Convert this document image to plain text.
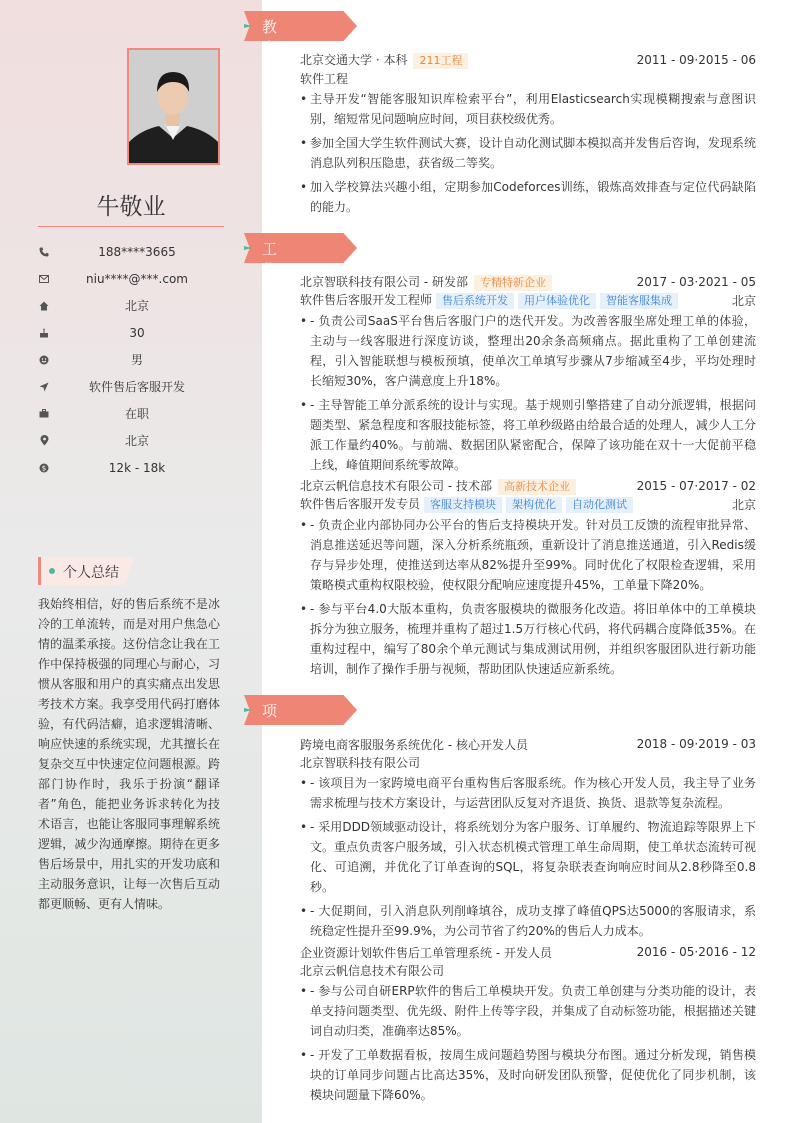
牛敬业
188****3665
niu****@***.com
北京
30
男
软件售后客服开发
在职
北京
$	12k - 18k
个人总结
我始终相信，好的售后系统不是冰冷的工单流转，而是对用户焦急心情的温柔承接。这份信念让我在工作中保持极强的同理心与耐心，习惯从客服和用户的真实痛点出发思考技术方案。我享受用代码打磨体验，有代码洁癖，追求逻辑清晰、响应快速的系统实现，尤其擅长在复杂交互中快速定位问题根源。跨部门协作时，我乐于扮演“翻译者”角色，能把业务诉求转化为技术语言，也能让客服同事理解系统逻辑，减少沟通摩擦。期待在更多售后场景中，用扎实的开发功底和主动服务意识，让每一次售后互动都更顺畅、更有人情味。
教育经历
北京交通大学 · 本科 211工程	2011 - 09·2015 - 06
软件工程
• 主导开发“智能客服知识库检索平台”，利用Elasticsearch实现模糊搜索与意图识别，缩短常见问题响应时间，项目获校级优秀。
• 参加全国大学生软件测试大赛，设计自动化测试脚本模拟高并发售后咨询，发现系统消息队列积压隐患，获省级二等奖。
• 加入学校算法兴趣小组，定期参加Codeforces训练，锻炼高效排查与定位代码缺陷的能力。
工作经历
北京智联科技有限公司 - 研发部 专精特新企业	2017 - 03·2021 - 05
软件售后客服开发工程师 售后系统开发 用户体验优化 智能客服集成	北京
• - 负责公司SaaS平台售后客服门户的迭代开发。为改善客服坐席处理工单的体验，主动与一线客服进行深度访谈，整理出20余条高频痛点。据此重构了工单创建流程，引入智能联想与模板预填，使单次工单填写步骤从7步缩减至4步，平均处理时长缩短30%，客户满意度上升18%。
• - 主导智能工单分派系统的设计与实现。基于规则引擎搭建了自动分派逻辑，根据问题类型、紧急程度和客服技能标签，将工单秒级路由给最合适的处理人，减少人工分派工作量约40%。与前端、数据团队紧密配合，保障了该功能在双十一大促前平稳上线，峰值期间系统零故障。
北京云帆信息技术有限公司 - 技术部 高新技术企业	2015 - 07·2017 - 02
软件售后客服开发专员 客服支持模块 架构优化 自动化测试	北京
• - 负责企业内部协同办公平台的售后支持模块开发。针对员工反馈的流程审批异常、消息推送延迟等问题，深入分析系统瓶颈，重新设计了消息推送通道，引入Redis缓存与异步处理，使推送到达率从82%提升至99%。同时优化了权限检查逻辑，采用策略模式重构权限校验，使权限分配响应速度提升45%，工单量下降20%。
• - 参与平台4.0大版本重构，负责客服模块的微服务化改造。将旧单体中的工单模块拆分为独立服务，梳理并重构了超过1.5万行核心代码，将代码耦合度降低35%。在重构过程中，编写了80余个单元测试与集成测试用例，并组织客服团队进行新功能培训，制作了操作手册与视频，帮助团队快速适应新系统。
项目经历
跨境电商客服服务系统优化 - 核心开发人员	2018 - 09·2019 - 03
北京智联科技有限公司
• - 该项目为一家跨境电商平台重构售后客服系统。作为核心开发人员，我主导了业务需求梳理与技术方案设计，与运营团队反复对齐退货、换货、退款等复杂流程。
• - 采用DDD领域驱动设计，将系统划分为客户服务、订单履约、物流追踪等限界上下文。重点负责客户服务域，引入状态机模式管理工单生命周期，使工单状态流转可视化、可追溯，并优化了订单查询的SQL，将复杂联表查询响应时间从2.8秒降至0.8秒。
• - 大促期间，引入消息队列削峰填谷，成功支撑了峰值QPS达5000的客服请求，系统稳定性提升至99.9%，为公司节省了约20%的售后人力成本。
企业资源计划软件售后工单管理系统 - 开发人员	2016 - 05·2016 - 12
北京云帆信息技术有限公司
• - 参与公司自研ERP软件的售后工单模块开发。负责工单创建与分类功能的设计，表单支持问题类型、优先级、附件上传等字段，并集成了自动标签功能，根据描述关键词自动归类，准确率达85%。
• - 开发了工单数据看板，按周生成问题趋势图与模块分布图。通过分析发现，销售模块的订单同步问题占比高达35%，及时向研发团队预警，促使优化了同步机制，该模块问题量下降60%。
